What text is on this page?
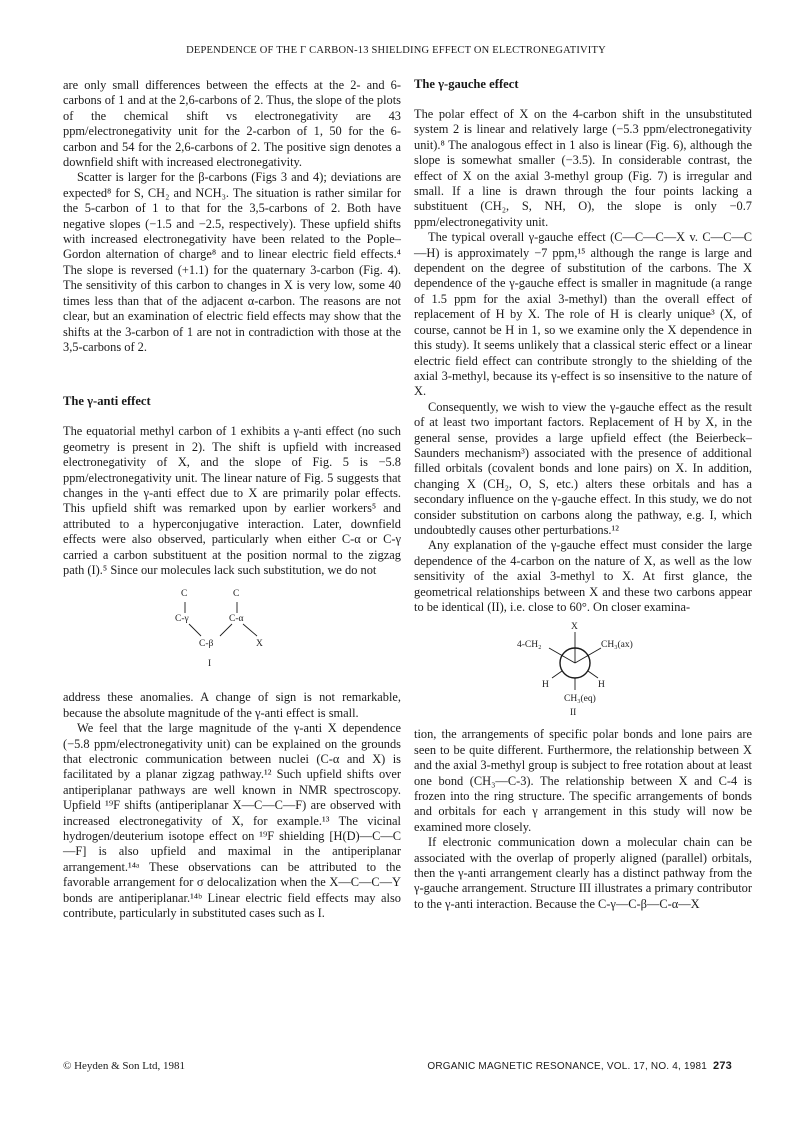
DEPENDENCE OF THE Γ CARBON-13 SHIELDING EFFECT ON ELECTRONEGATIVITY

are only small differences between the effects at the 2- and 6-carbons of 1 and at the 2,6-carbons of 2. Thus, the slope of the plots of the chemical shift vs electronegativity are 43 ppm/electronegativity unit for the 2-carbon of 1, 50 for the 6-carbon and 54 for the 2,6-carbons of 2. The positive sign denotes a downfield shift with increased electronegativity.

Scatter is larger for the β-carbons (Figs 3 and 4); deviations are expected⁸ for S, CH₂ and NCH₃. The situation is rather similar for the 5-carbon of 1 to that for the 3,5-carbons of 2. Both have negative slopes (−1.5 and −2.5, respectively). These upfield shifts with increased electronegativity have been related to the Pople–Gordon alternation of charge⁸ and to linear electric field effects.⁴ The slope is reversed (+1.1) for the quaternary 3-carbon (Fig. 4). The sensitivity of this carbon to changes in X is very low, some 40 times less than that of the adjacent α-carbon. The reasons are not clear, but an examination of electric field effects may show that the shifts at the 3-carbon of 1 are not in contradiction with those at the 3,5-carbons of 2.

The γ-anti effect

The equatorial methyl carbon of 1 exhibits a γ-anti effect (no such geometry is present in 2). The shift is upfield with increased electronegativity of X, and the slope of Fig. 5 is −5.8 ppm/electronegativity unit. The linear nature of Fig. 5 suggests that changes in the γ-anti effect due to X are primarily polar effects. This upfield shift was remarked upon by earlier workers⁵ and attributed to a hyperconjugative interaction. Later, downfield effects were also observed, particularly when either C-α or C-γ carried a carbon substituent at the position normal to the zigzag path (I).⁵ Since our molecules lack such substitution, we do not

C	C
C-γ	C-α
C-β	X
I

address these anomalies. A change of sign is not remarkable, because the absolute magnitude of the γ-anti effect is small.

We feel that the large magnitude of the γ-anti X dependence (−5.8 ppm/electronegativity unit) can be explained on the grounds that electronic communication between nuclei (C-α and X) is facilitated by a planar zigzag pathway.¹² Such upfield shifts over antiperiplanar pathways are well known in NMR spectroscopy. Upfield ¹⁹F shifts (antiperiplanar X—C—C—F) are observed with increased electronegativity of X, for example.¹³ The vicinal hydrogen/deuterium isotope effect on ¹⁹F shielding [H(D)—C—C—F] is also upfield and maximal in the antiperiplanar arrangement.¹⁴ᵃ These observations can be attributed to the favorable arrangement for σ delocalization when the X—C—C—Y bonds are antiperiplanar.¹⁴ᵇ Linear electric field effects may also contribute, particularly in substituted cases such as I.

The γ-gauche effect

The polar effect of X on the 4-carbon shift in the unsubstituted system 2 is linear and relatively large (−5.3 ppm/electronegativity unit).⁸ The analogous effect in 1 also is linear (Fig. 6), although the slope is somewhat smaller (−3.5). In considerable contrast, the effect of X on the axial 3-methyl group (Fig. 7) is irregular and small. If a line is drawn through the four points lacking a substituent (CH₂, S, NH, O), the slope is only −0.7 ppm/electronegativity unit.

The typical overall γ-gauche effect (C—C—C—X v. C—C—C—H) is approximately −7 ppm,¹⁵ although the range is large and dependent on the degree of substitution of the carbons. The X dependence of the γ-gauche effect is smaller in magnitude (a range of 1.5 ppm for the axial 3-methyl) than the overall effect of replacement of H by X. The role of H is clearly unique³ (X, of course, cannot be H in 1, so we examine only the X dependence in this study). It seems unlikely that a classical steric effect or a linear electric field effect can contribute strongly to the shielding of the axial 3-methyl, because its γ-effect is so insensitive to the nature of X.

Consequently, we wish to view the γ-gauche effect as the result of at least two important factors. Replacement of H by X, in the general sense, provides a large upfield effect (the Beierbeck–Saunders mechanism³) associated with the presence of additional filled orbitals (covalent bonds and lone pairs) on X. In addition, changing X (CH₂, O, S, etc.) alters these orbitals and has a secondary influence on the γ-gauche effect. In this study, we do not consider substitution on carbons along the pathway, e.g. I, which undoubtedly causes other perturbations.¹²

Any explanation of the γ-gauche effect must consider the large dependence of the 4-carbon on the nature of X, as well as the low sensitivity of the axial 3-methyl to X. At first glance, the geometrical relationships between X and these two carbons appear to be identical (II), i.e. close to 60°. On closer examina-

X
4-CH₂	CH₃(ax)
H	H
CH₃(eq)
II

tion, the arrangements of specific polar bonds and lone pairs are seen to be quite different. Furthermore, the relationship between X and the axial 3-methyl group is subject to free rotation about at least one bond (CH₃—C-3). The relationship between X and C-4 is frozen into the ring structure. The specific arrangements of bonds and orbitals for each γ arrangement in this study will now be examined more closely.

If electronic communication down a molecular chain can be associated with the overlap of properly aligned (parallel) orbitals, then the γ-anti arrangement clearly has a distinct pathway from the γ-gauche arrangement. Structure III illustrates a primary contributor to the γ-anti interaction. Because the C-γ—C-β—C-α—X

© Heyden & Son Ltd, 1981	ORGANIC MAGNETIC RESONANCE, VOL. 17, NO. 4, 1981 273
